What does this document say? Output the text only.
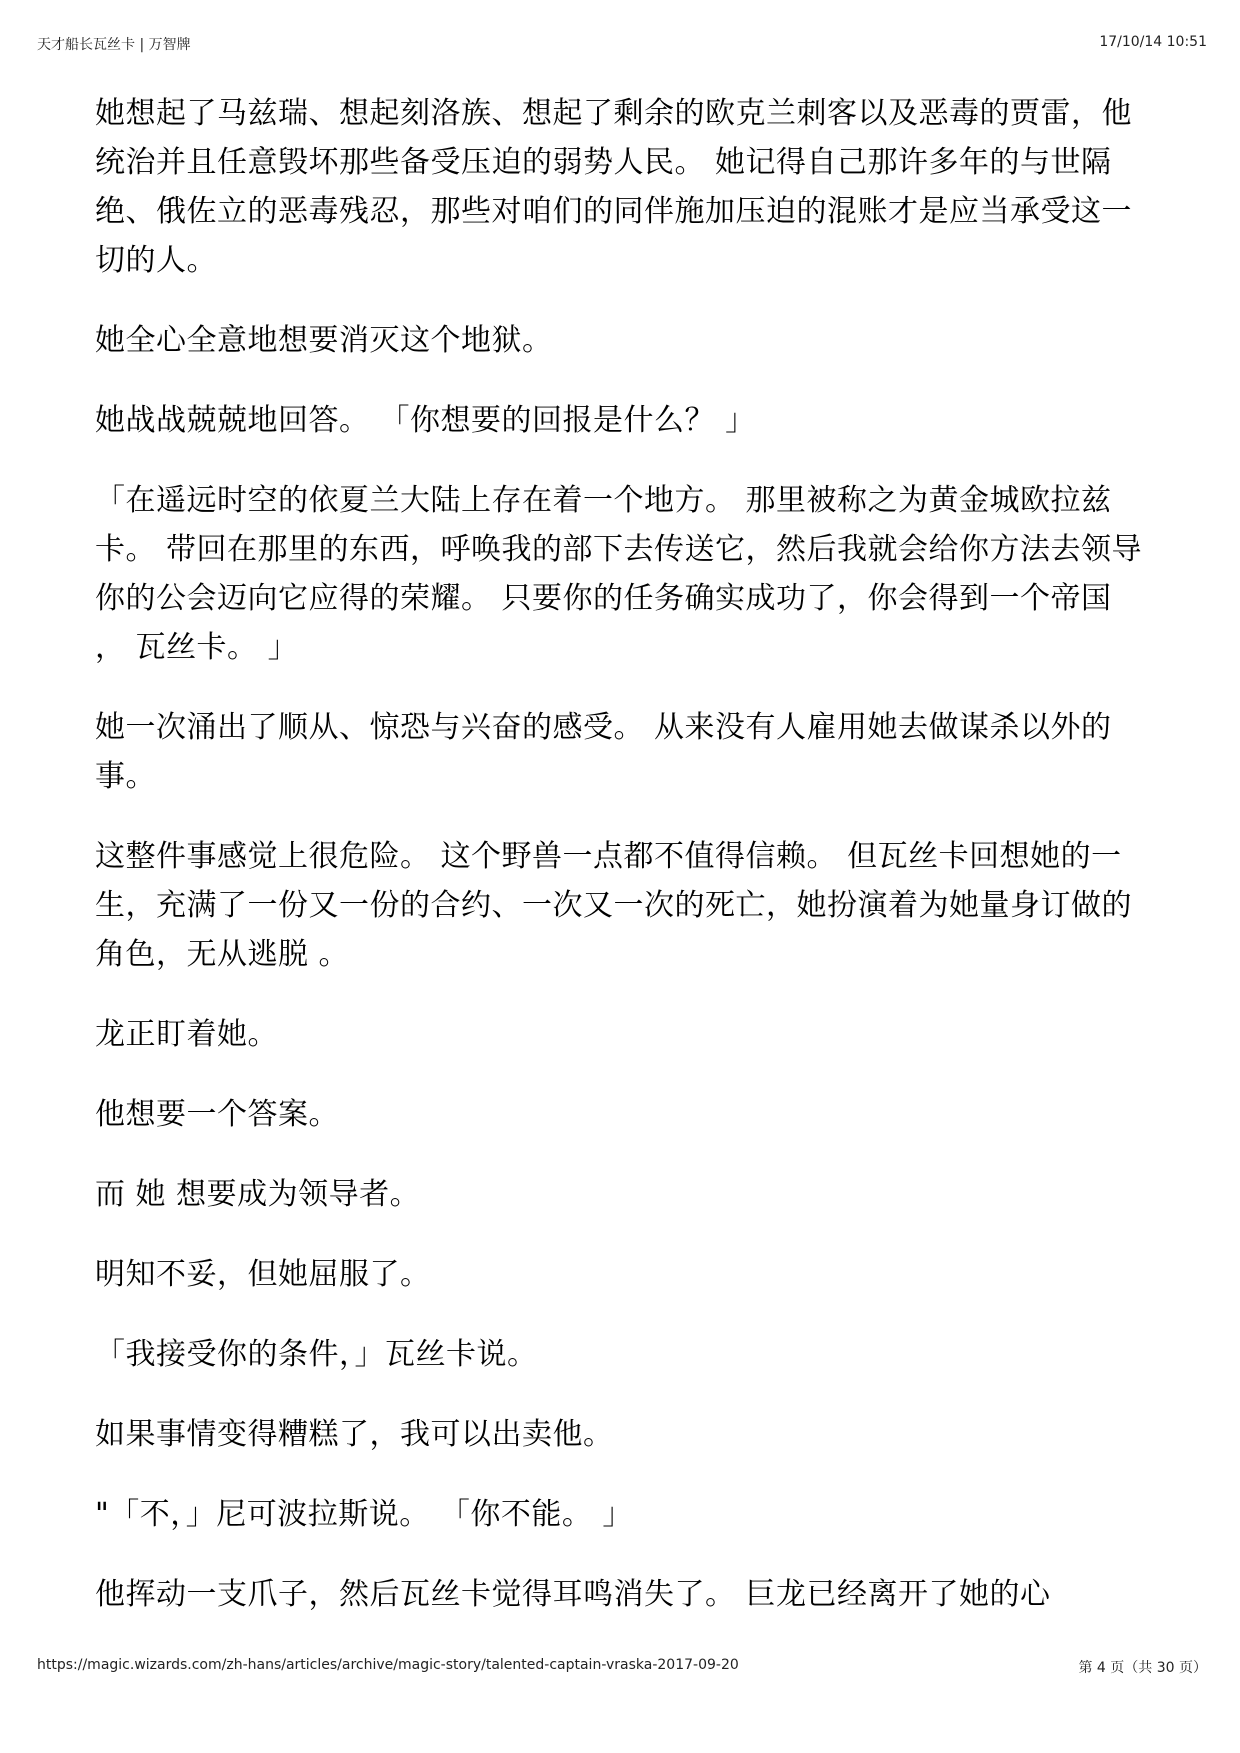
天才船长瓦丝卡 | 万智牌	17/10/14 10:51

她想起了马兹瑞、想起刻洛族、想起了剩余的欧克兰刺客以及恶毒的贾雷，他统治并且任意毁坏那些备受压迫的弱势人民。 她记得自己那许多年的与世隔绝、俄佐立的恶毒残忍，那些对咱们的同伴施加压迫的混账才是应当承受这一切的人。

她全心全意地想要消灭这个地狱。

她战战兢兢地回答。 「你想要的回报是什么？ 」

「在遥远时空的依夏兰大陆上存在着一个地方。 那里被称之为黄金城欧拉兹卡。 带回在那里的东西，呼唤我的部下去传送它，然后我就会给你方法去领导你的公会迈向它应得的荣耀。 只要你的任务确实成功了，你会得到一个帝国 ， 瓦丝卡。 」

她一次涌出了顺从、惊恐与兴奋的感受。 从来没有人雇用她去做谋杀以外的事。

这整件事感觉上很危险。 这个野兽一点都不值得信赖。 但瓦丝卡回想她的一生，充满了一份又一份的合约、一次又一次的死亡，她扮演着为她量身订做的角色，无从逃脱 。

龙正盯着她。

他想要一个答案。

而 她 想要成为领导者。

明知不妥，但她屈服了。

「我接受你的条件，」瓦丝卡说。

如果事情变得糟糕了，我可以出卖他。

"「不，」尼可波拉斯说。 「你不能。 」

他挥动一支爪子，然后瓦丝卡觉得耳鸣消失了。 巨龙已经离开了她的心

https://magic.wizards.com/zh-hans/articles/archive/magic-story/talented-captain-vraska-2017-09-20	第 4 页（共 30 页）
